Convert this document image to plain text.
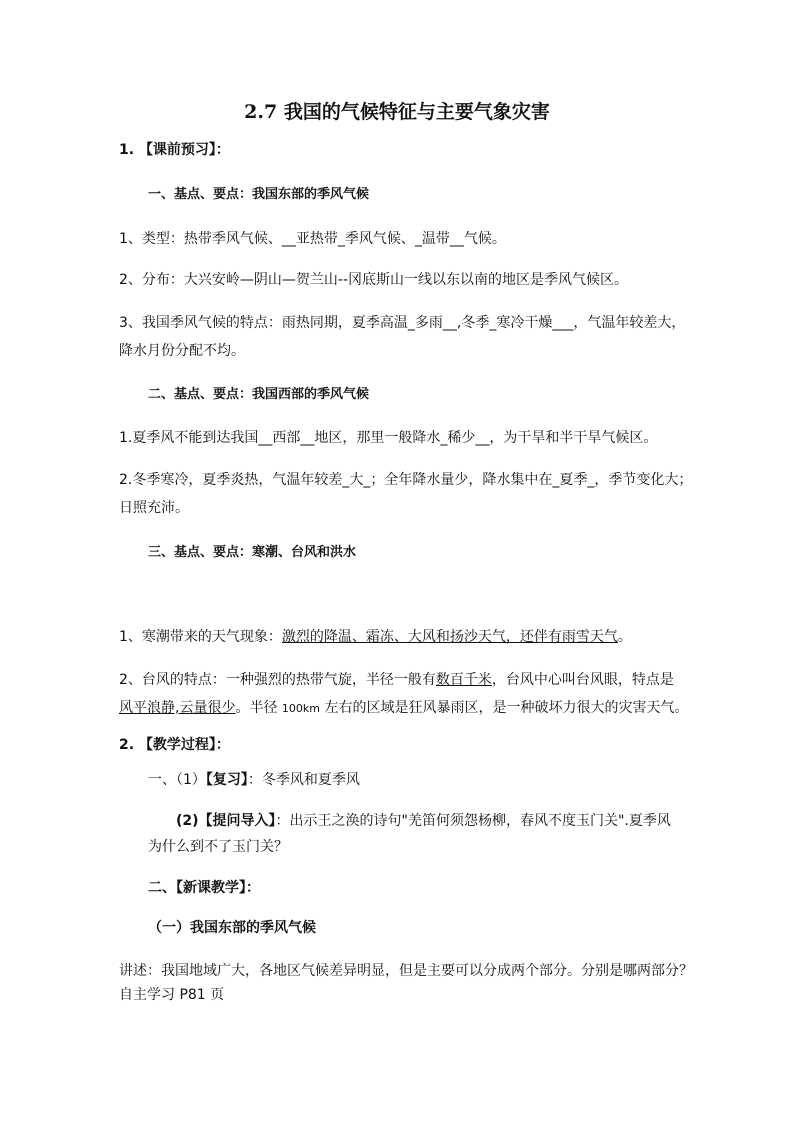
2.7 我国的气候特征与主要气象灾害
1. 【课前预习】：
一、基点、要点：我国东部的季风气候
1、类型：热带季风气候、__亚热带_季风气候、_温带__气候。
2、分布：大兴安岭—阴山—贺兰山--冈底斯山一线以东以南的地区是季风气候区。
3、我国季风气候的特点：雨热同期，夏季高温_多雨__,冬季_寒冷干燥___，气温年较差大，
降水月份分配不均。
二、基点、要点：我国西部的季风气候
1.夏季风不能到达我国__西部__地区，那里一般降水_稀少__，为干旱和半干旱气候区。
2.冬季寒冷，夏季炎热，气温年较差_大_；全年降水量少，降水集中在_夏季_，季节变化大；
日照充沛。
三、基点、要点：寒潮、台风和洪水
1、寒潮带来的天气现象：激烈的降温、霜冻、大风和扬沙天气，还伴有雨雪天气。
2、台风的特点：一种强烈的热带气旋，半径一般有数百千米，台风中心叫台风眼，特点是
风平浪静,云量很少。半径 100km 左右的区域是狂风暴雨区，是一种破坏力很大的灾害天气。
2. 【教学过程】：
一、（1）【复习】：冬季风和夏季风
(2)【提问导入】：出示王之涣的诗句"羌笛何须怨杨柳，春风不度玉门关".夏季风
为什么到不了玉门关？
二、【新课教学】：
（一）我国东部的季风气候
讲述：我国地域广大，各地区气候差异明显，但是主要可以分成两个部分。分别是哪两部分？
自主学习 P81 页
